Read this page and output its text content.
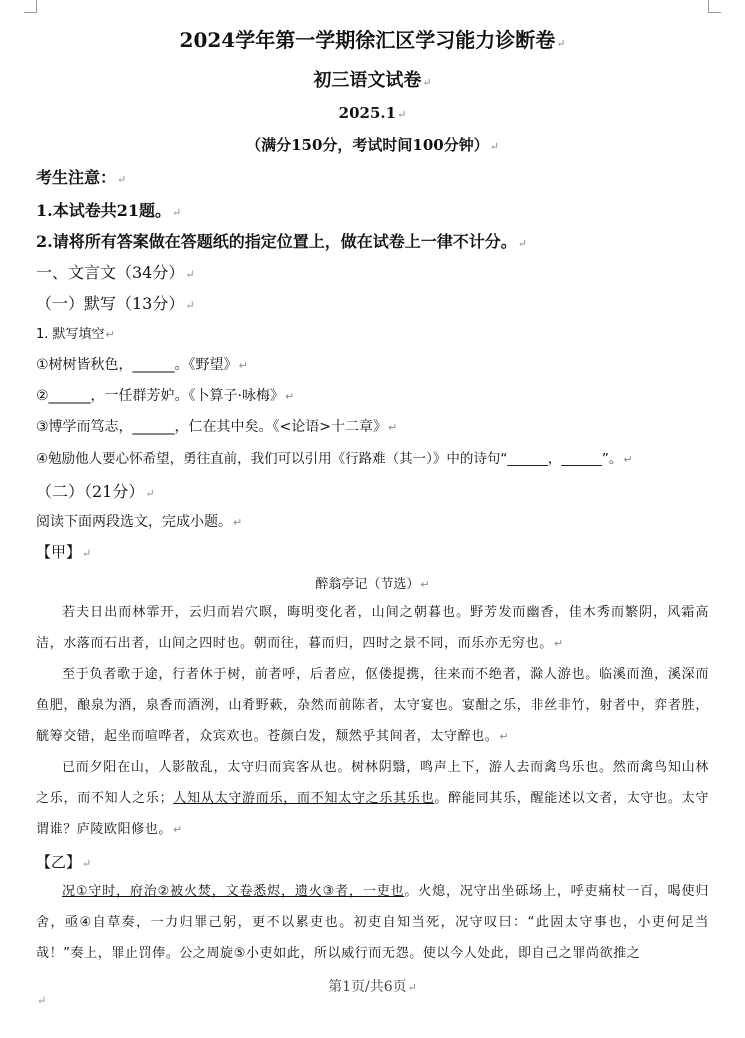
2024学年第一学期徐汇区学习能力诊断卷↵
初三语文试卷↵
2025.1↵
（满分150分，考试时间100分钟）↵
考生注意：↵
1.本试卷共21题。↵
2.请将所有答案做在答题纸的指定位置上，做在试卷上一律不计分。↵
一、文言文（34分）↵
（一）默写（13分）↵
1. 默写填空↵
①树树皆秋色，______。《野望》↵
②______，一任群芳妒。《卜算子·咏梅》↵
③博学而笃志，______，仁在其中矣。《<论语>十二章》↵
④勉励他人要心怀希望，勇往直前，我们可以引用《行路难（其一）》中的诗句“______，______”。↵
（二）（21分）↵
阅读下面两段选文，完成小题。↵
【甲】↵
醉翁亭记（节选）↵

若夫日出而林霏开，云归而岩穴暝，晦明变化者，山间之朝暮也。野芳发而幽香，佳木秀而繁阴，风霜高洁，水落而石出者，山间之四时也。朝而往，暮而归，四时之景不同，而乐亦无穷也。↵

至于负者歌于途，行者休于树，前者呼，后者应，伛偻提携，往来而不绝者，滁人游也。临溪而渔，溪深而鱼肥，酿泉为酒，泉香而酒洌，山肴野蔌，杂然而前陈者，太守宴也。宴酣之乐，非丝非竹，射者中，弈者胜，觥筹交错，起坐而喧哗者，众宾欢也。苍颜白发，颓然乎其间者，太守醉也。↵

已而夕阳在山，人影散乱，太守归而宾客从也。树林阴翳，鸣声上下，游人去而禽鸟乐也。然而禽鸟知山林之乐，而不知人之乐；人知从太守游而乐，而不知太守之乐其乐也。醉能同其乐，醒能述以文者，太守也。太守谓谁？庐陵欧阳修也。↵

【乙】↵

况①守时，府治②被火焚，文卷悉烬，遗火③者，一吏也。火熄，况守出坐砾场上，呼吏痛杖一百，喝使归舍，亟④自草奏，一力归罪己躬，更不以累吏也。初吏自知当死，况守叹曰：“此固太守事也，小吏何足当哉！”奏上，罪止罚俸。公之周旋⑤小吏如此，所以威行而无怨。使以今人处此，即自己之罪尚欲推之

第1页/共6页↵
↵
